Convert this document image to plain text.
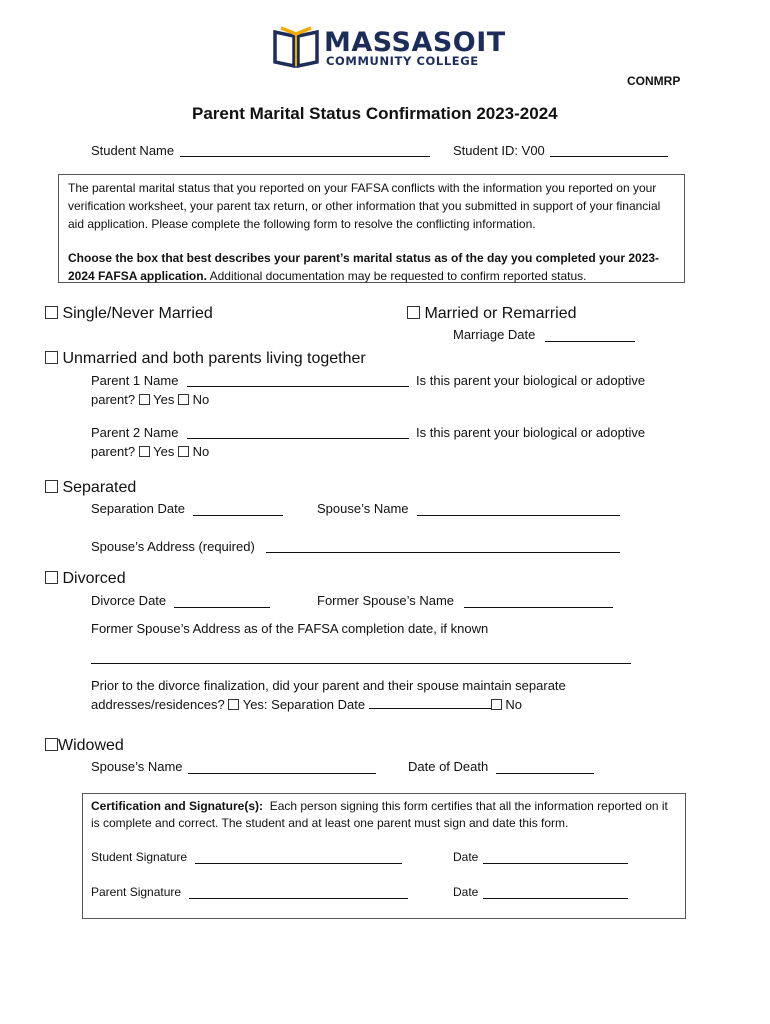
MASSASOIT
COMMUNITY COLLEGE
CONMRP
Parent Marital Status Confirmation 2023-2024
Student Name	Student ID: V00

The parental marital status that you reported on your FAFSA conflicts with the information you reported on your verification worksheet, your parent tax return, or other information that you submitted in support of your financial aid application. Please complete the following form to resolve the conflicting information.

Choose the box that best describes your parent’s marital status as of the day you completed your 2023-2024 FAFSA application. Additional documentation may be requested to confirm reported status.

Single/Never Married	Married or Remarried
Marriage Date
Unmarried and both parents living together
Parent 1 Name	Is this parent your biological or adoptive
parent? Yes No
Parent 2 Name	Is this parent your biological or adoptive
parent? Yes No
Separated
Separation Date	Spouse’s Name
Spouse’s Address (required)
Divorced
Divorce Date	Former Spouse’s Name
Former Spouse’s Address as of the FAFSA completion date, if known
Prior to the divorce finalization, did your parent and their spouse maintain separate
addresses/residences? Yes: Separation Date	No
Widowed
Spouse’s Name	Date of Death
Certification and Signature(s): Each person signing this form certifies that all the information reported on it is complete and correct. The student and at least one parent must sign and date this form.
Student Signature	Date
Parent Signature	Date
